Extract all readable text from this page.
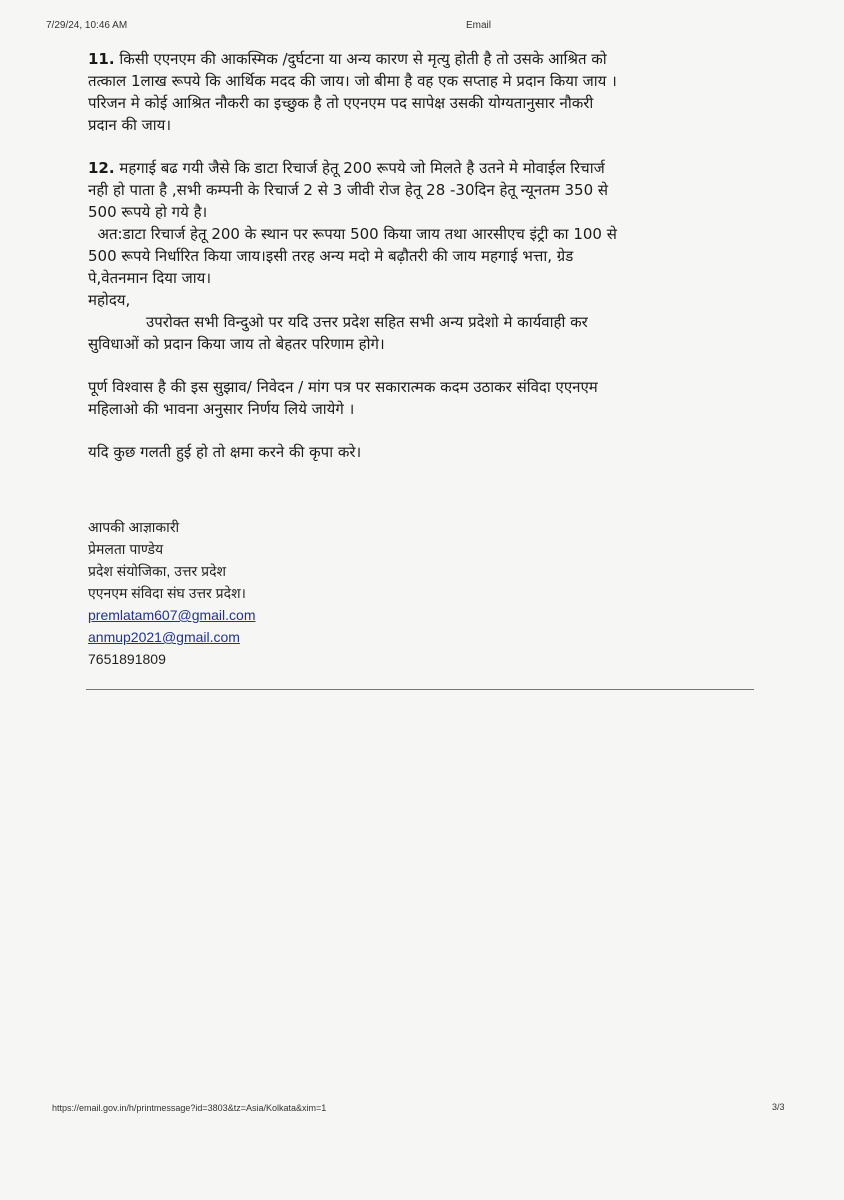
7/29/24, 10:46 AM	Email

11. किसी एएनएम की आकस्मिक /दुर्घटना या अन्य कारण से मृत्यु होती है तो उसके आश्रित को
तत्काल 1लाख रूपये कि आर्थिक मदद की जाय। जो बीमा है वह एक सप्ताह मे प्रदान किया जाय ।
परिजन मे कोई आश्रित नौकरी का इच्छुक है तो एएनएम पद सापेक्ष उसकी योग्यतानुसार नौकरी
प्रदान की जाय।

12. महगाई बढ गयी जैसे कि डाटा रिचार्ज हेतू 200 रूपये जो मिलते है उतने मे मोवाईल रिचार्ज
नही हो पाता है ,सभी कम्पनी के रिचार्ज 2 से 3 जीवी रोज हेतू 28 -30दिन हेतू न्यूनतम 350 से
500 रूपये हो गये है।
अत:डाटा रिचार्ज हेतू 200 के स्थान पर रूपया 500 किया जाय तथा आरसीएच इंट्री का 100 से
500 रूपये निर्धारित किया जाय।इसी तरह अन्य मदो मे बढ़ौतरी की जाय महगाई भत्ता, ग्रेड
पे,वेतनमान दिया जाय।
महोदय,
उपरोक्त सभी विन्दुओ पर यदि उत्तर प्रदेश सहित सभी अन्य प्रदेशो मे कार्यवाही कर
सुविधाओं को प्रदान किया जाय तो बेहतर परिणाम होगे।

पूर्ण विश्वास है की इस सुझाव/ निवेदन / मांग पत्र पर सकारात्मक कदम उठाकर संविदा एएनएम
महिलाओ की भावना अनुसार निर्णय लिये जायेगे ।

यदि कुछ गलती हुई हो तो क्षमा करने की कृपा करे।

आपकी आज्ञाकारी
प्रेमलता पाण्डेय
प्रदेश संयोजिका, उत्तर प्रदेश
एएनएम संविदा संघ उत्तर प्रदेश।
premlatam607@gmail.com
anmup2021@gmail.com
7651891809
https://email.gov.in/h/printmessage?id=3803&tz=Asia/Kolkata&xim=1	3/3
